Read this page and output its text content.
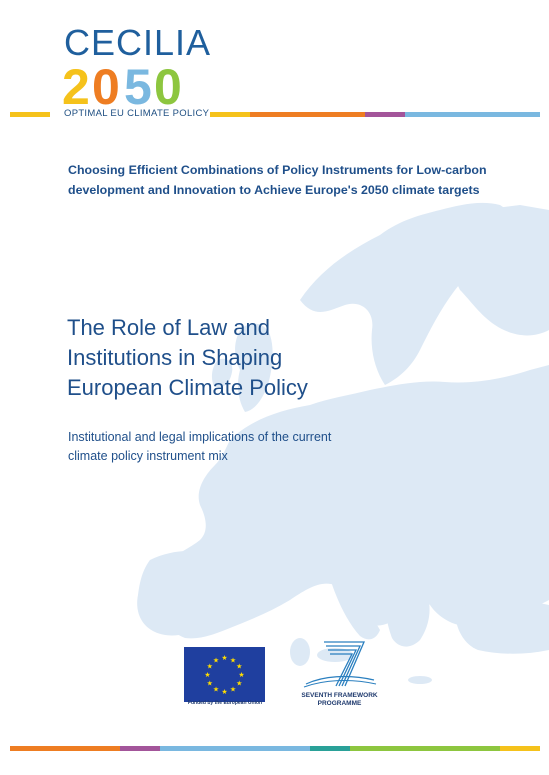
CECILIA
2 0 5 0
OPTIMAL EU CLIMATE POLICY
Choosing Efficient Combinations of Policy Instruments for Low-carbon development and Innovation to Achieve Europe's 2050 climate targets
The Role of Law and Institutions in Shaping European Climate Policy
Institutional and legal implications of the current climate policy instrument mix
★ ★
★
★
★
★
★
★
★
★
★
★
Funded by the European Union
SEVENTH FRAMEWORK PROGRAMME
